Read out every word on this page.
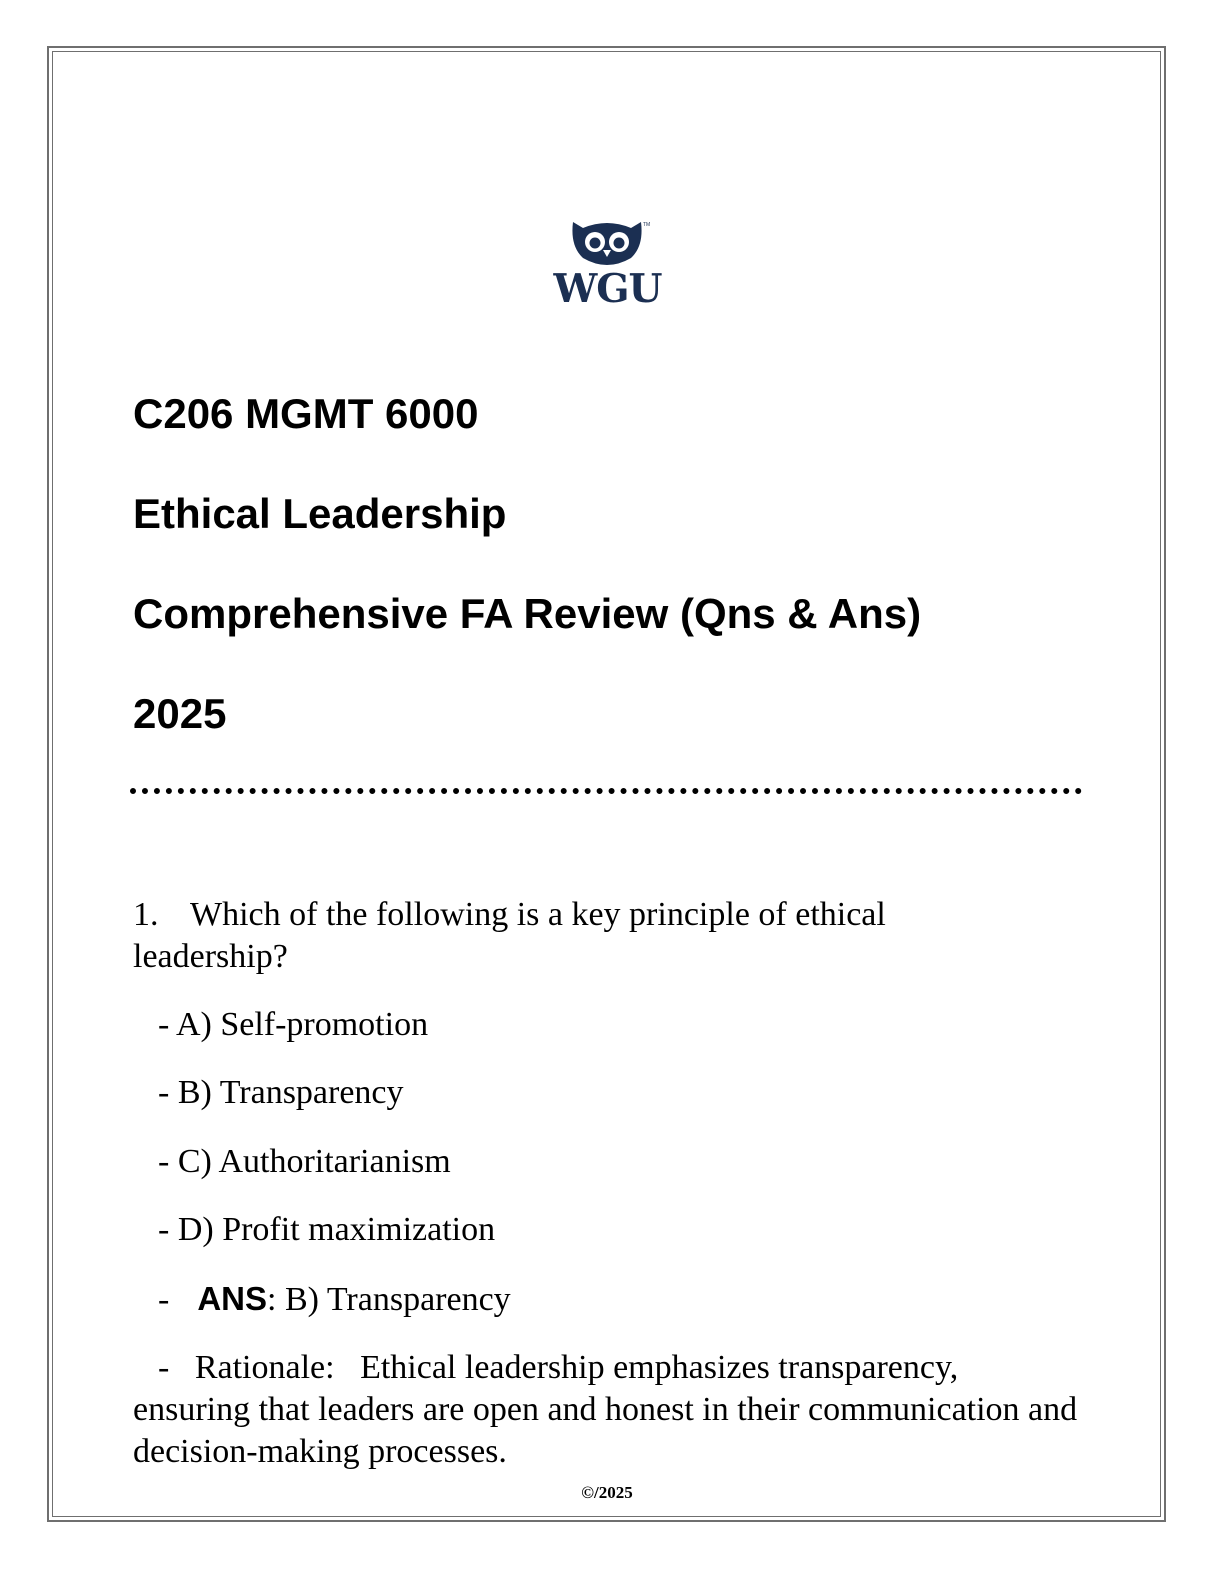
TM
WGU
C206 MGMT 6000
Ethical Leadership
Comprehensive FA Review (Qns & Ans)
2025
1. Which of the following is a key principle of ethical leadership?
- A) Self-promotion
- B) Transparency
- C) Authoritarianism
- D) Profit maximization
- ANS: B) Transparency
- Rationale: Ethical leadership emphasizes transparency, ensuring that leaders are open and honest in their communication and decision-making processes.
©/2025
